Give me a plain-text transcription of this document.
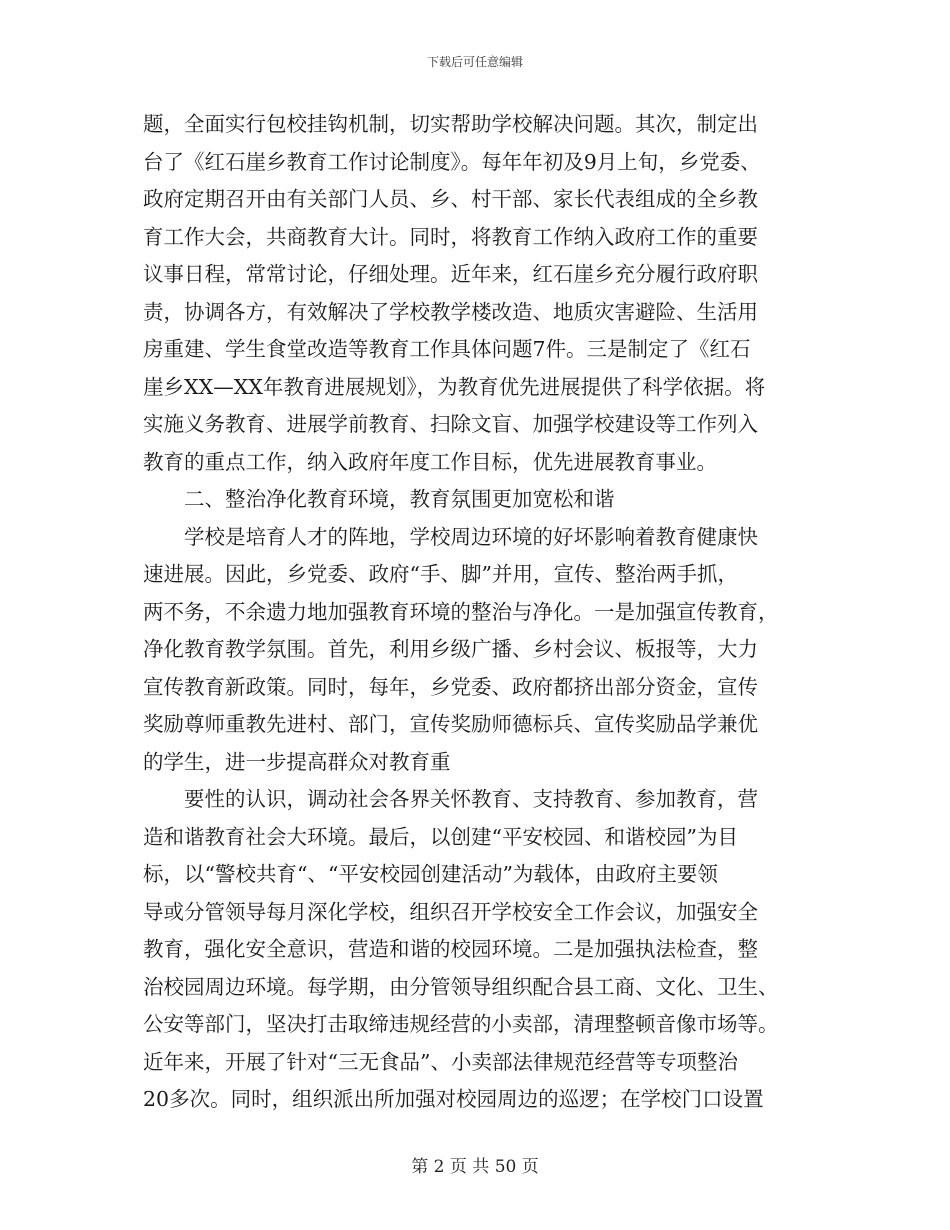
下载后可任意编辑
题，全面实行包校挂钩机制，切实帮助学校解决问题。其次，制定出
台了《红石崖乡教育工作讨论制度》。每年年初及9月上旬，乡党委、
政府定期召开由有关部门人员、乡、村干部、家长代表组成的全乡教
育工作大会，共商教育大计。同时，将教育工作纳入政府工作的重要
议事日程，常常讨论，仔细处理。近年来，红石崖乡充分履行政府职
责，协调各方，有效解决了学校教学楼改造、地质灾害避险、生活用
房重建、学生食堂改造等教育工作具体问题7件。三是制定了《红石
崖乡XX—XX年教育进展规划》，为教育优先进展提供了科学依据。将
实施义务教育、进展学前教育、扫除文盲、加强学校建设等工作列入
教育的重点工作，纳入政府年度工作目标，优先进展教育事业。
　　二、整治净化教育环境，教育氛围更加宽松和谐
　　学校是培育人才的阵地，学校周边环境的好坏影响着教育健康快
速进展。因此，乡党委、政府“手、脚”并用，宣传、整治两手抓，
两不务，不余遗力地加强教育环境的整治与净化。一是加强宣传教育，
净化教育教学氛围。首先，利用乡级广播、乡村会议、板报等，大力
宣传教育新政策。同时，每年，乡党委、政府都挤出部分资金，宣传
奖励尊师重教先进村、部门，宣传奖励师德标兵、宣传奖励品学兼优
的学生，进一步提高群众对教育重
　　要性的认识，调动社会各界关怀教育、支持教育、参加教育，营
造和谐教育社会大环境。最后，以创建“平安校园、和谐校园”为目
标，以“警校共育“、“平安校园创建活动”为载体，由政府主要领
导或分管领导每月深化学校，组织召开学校安全工作会议，加强安全
教育，强化安全意识，营造和谐的校园环境。二是加强执法检查，整
治校园周边环境。每学期，由分管领导组织配合县工商、文化、卫生、
公安等部门，坚决打击取缔违规经营的小卖部，清理整顿音像市场等。
近年来，开展了针对“三无食品”、小卖部法律规范经营等专项整治
20多次。同时，组织派出所加强对校园周边的巡逻；在学校门口设置
第 2 页 共 50 页
